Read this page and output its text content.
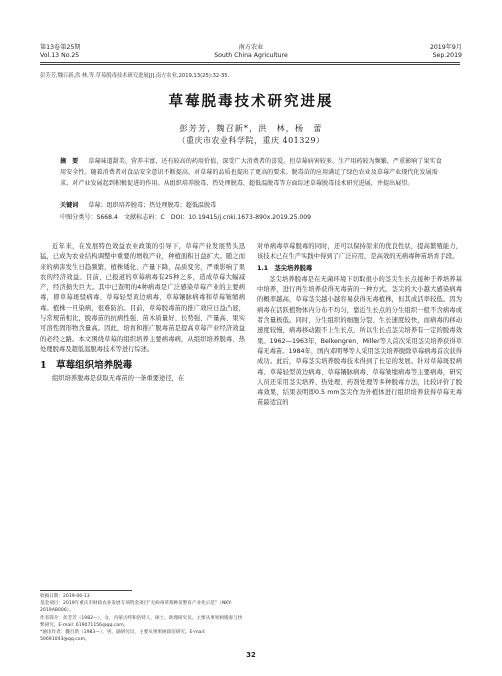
第13卷第25期
Vol.13 No.25
南方农业
South China Agriculture
2019年9月
Sep.2019
彭芳芳,魏召新,洪 林,等.草莓脱毒技术研究进展[J].南方农业,2019,13(25):32-35.
草莓脱毒技术研究进展
彭芳芳，魏召新*，洪　林，杨　蕾
（重庆市农业科学院，重庆 401329）
摘　要 　 草莓味道甜美、营养丰富，还有较高的药用价值，深受广大消费者的喜爱。但草莓病害较多，生产用药较为频繁，严重影响了果实食用安全性。随着消费者对食品安全意识不断提高，对草莓的品质也提出了更高的要求。脱毒苗的应用满足了绿色农业及草莓产业现代化发展需求，对产业发展起到积极促进的作用。从组织培养脱毒、热处理脱毒、超低温脱毒等方面综述草莓脱毒技术研究进展，并提出展望。
关键词 　 草莓；组织培养脱毒；热处理脱毒；超低温脱毒
中图分类号：S668.4　文献标志码：C　DOI：10.19415/j.cnki.1673-890x.2019.25.009

近年来，在发展特色效益农业政策的引导下，草莓产业发展势头迅猛，已成为农业结构调整中重要的增收产业，种植面积日益扩大。随之而来的病害发生日趋频繁，植株矮化、产量下降，品质变劣，严重影响了果农的经济效益。目前，已报道的草莓病毒有25种之多，造成草莓大幅减产，经济损失巨大。其中已查明的4种病毒是广泛感染草莓产业的主要病毒，即草莓斑驳病毒、草莓轻型黄边病毒、草莓镶脉病毒和草莓皱缩病毒。植株一旦染病，很难防治。目前，草莓脱毒苗的推广效应日益凸显，与常规苗相比，脱毒苗的抗病性强、苗木质量好、长势强、产量高、果实可溶性固形物含量高。因此，培育和推广脱毒苗是提高草莓产业经济效益的必经之路。本文围绕草莓的组织培养主要病毒病，从组织培养脱毒、热处理脱毒及超低温脱毒技术等进行综述。

1　草莓组织培养脱毒

组织培养脱毒是获取无毒苗的一条重要途径，在

对单病毒草莓脱毒的同时，还可以保持原来的优良性状，提高繁殖能力，该技术已在生产实践中得到了广泛应用，是高效的无病毒种苗培育手段。

1.1　茎尖培养脱毒

茎尖培养脱毒是在无菌环境下切取很小的茎尖生长点接种于养培养基中培养，进行再生培养获得无毒苗的一种方式。茎尖的大小越大感染病毒的概率越高，草莓茎尖越小越容易获得无毒植株，但其成活率较低。因为病毒在活跃植物体内分布不均匀，靠近生长点的分生组织一般不含病毒或者含量极低。同时，分生组织的细胞分裂、生长速度较快，而病毒的移动速度较慢，病毒移动跟不上生长点，所以生长点茎尖培养有一定的脱毒效果。1962—1963年，Belkengren、Miller等人首次采用茎尖培养获得草莓无毒苗。1984年，国内邓明琴等人采用茎尖培养脱除草莓病毒首次获得成功。此后，草莓茎尖培养脱毒技术得到了长足的发展。针对草莓斑驳病毒、草莓轻型黄边病毒、草莓镶脉病毒、草莓皱缩病毒等主要病毒，研究人员还采用茎尖培养、热处理、药剂处理等多种脱毒方法，比较评价了脱毒效果，结果表明即0.5 mm茎尖作为外植体进行组织培养获得草莓无毒苗最适宜的

收稿日期：2019-06-13
基金项目：2019年重庆市财政农业发展专项资金项目“无病毒草莓种苗繁育产业化示范”（NKY-2019AB006）。
作者简介：彭芳芳（1982—），女，内蒙古呼和浩特人，硕士，助理研究员，主要从事果树脱毒与快繁研究。E-mail: 619071156@qq.com。
*通讯作者：魏召新（1983—），男，副研究员，主要从事果树栽培研究。E-mail: 50691043@qq.com。
32
